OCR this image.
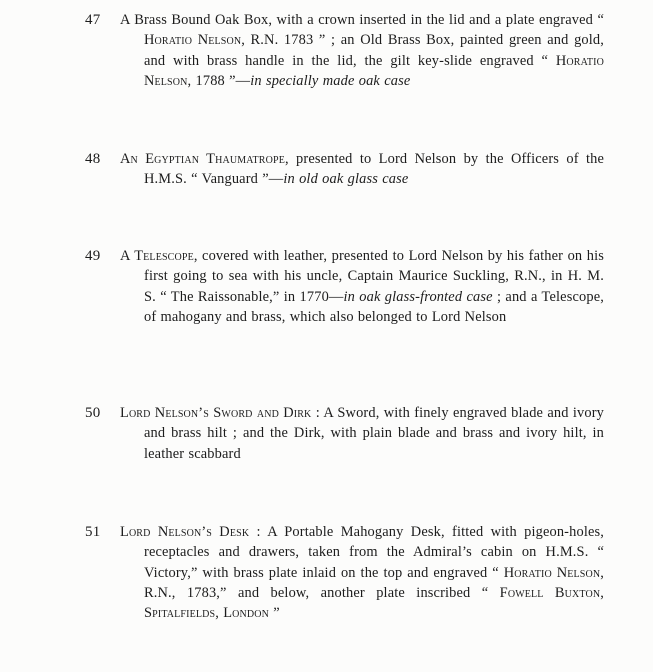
47 A Brass Bound Oak Box, with a crown inserted in the lid and a plate engraved “ Horatio Nelson, R.N. 1783 ” ; an Old Brass Box, painted green and gold, and with brass handle in the lid, the gilt key-slide engraved “ Horatio Nelson, 1788 ”—in specially made oak case

48 An Egyptian Thaumatrope, presented to Lord Nelson by the Officers of the H.M.S. “ Vanguard ”—in old oak glass case

49 A Telescope, covered with leather, presented to Lord Nelson by his father on his first going to sea with his uncle, Captain Maurice Suckling, R.N., in H. M. S. “ The Raissonable,” in 1770—in oak glass-fronted case ; and a Telescope, of mahogany and brass, which also belonged to Lord Nelson

50 Lord Nelson’s Sword and Dirk : A Sword, with finely engraved blade and ivory and brass hilt ; and the Dirk, with plain blade and brass and ivory hilt, in leather scabbard

51 Lord Nelson’s Desk : A Portable Mahogany Desk, fitted with pigeon-holes, receptacles and drawers, taken from the Admiral’s cabin on H.M.S. “ Victory,” with brass plate inlaid on the top and engraved “ Horatio Nelson, R.N., 1783,” and below, another plate inscribed “ Fowell Buxton, Spitalfields, London ”
